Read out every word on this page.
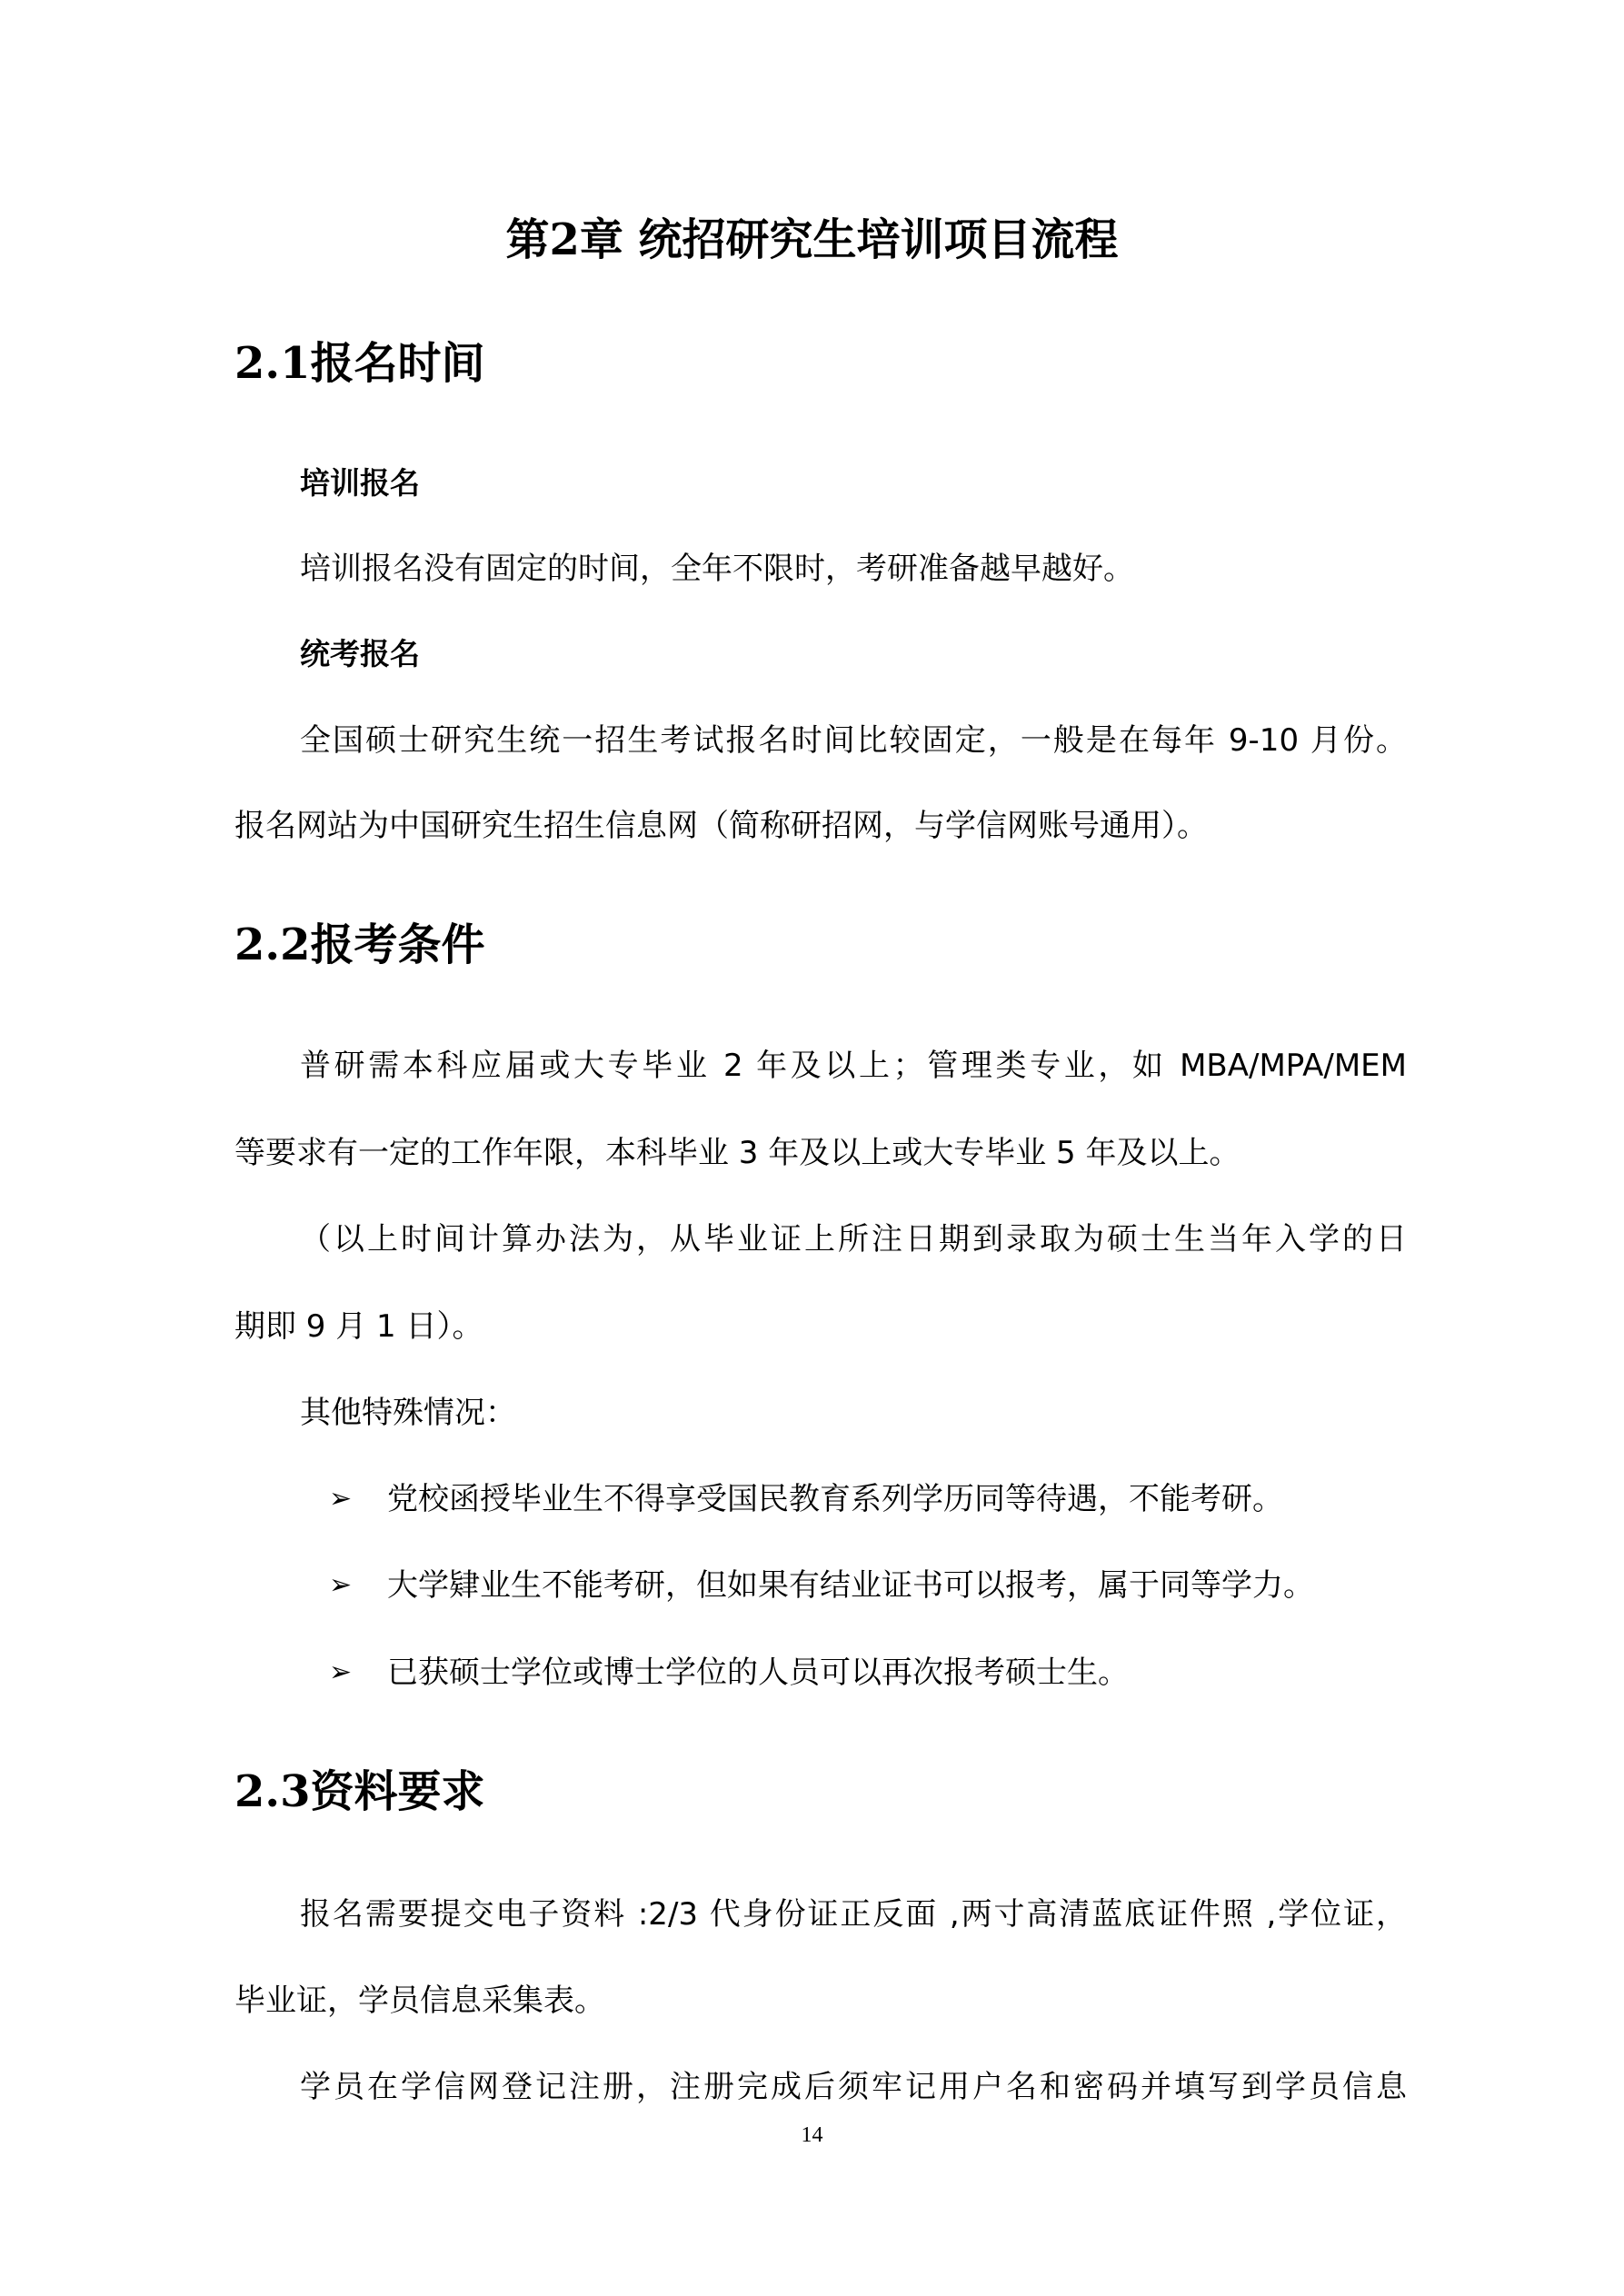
第2章 统招研究生培训项目流程
2.1报名时间
培训报名
培训报名没有固定的时间，全年不限时，考研准备越早越好。
统考报名
全国硕士研究生统一招生考试报名时间比较固定，一般是在每年 9-10 月份。
报名网站为中国研究生招生信息网（简称研招网，与学信网账号通用）。
2.2报考条件
普研需本科应届或大专毕业 2 年及以上；管理类专业，如 MBA/MPA/MEM
等要求有一定的工作年限，本科毕业 3 年及以上或大专毕业 5 年及以上。
（以上时间计算办法为，从毕业证上所注日期到录取为硕士生当年入学的日
期即 9 月 1 日）。
其他特殊情况：
➢ 党校函授毕业生不得享受国民教育系列学历同等待遇，不能考研。
➢ 大学肄业生不能考研，但如果有结业证书可以报考，属于同等学力。
➢ 已获硕士学位或博士学位的人员可以再次报考硕士生。
2.3资料要求
报名需要提交电子资料 :2/3 代身份证正反面 ,两寸高清蓝底证件照 ,学位证，
毕业证，学员信息采集表。
学员在学信网登记注册，注册完成后须牢记用户名和密码并填写到学员信息
14
